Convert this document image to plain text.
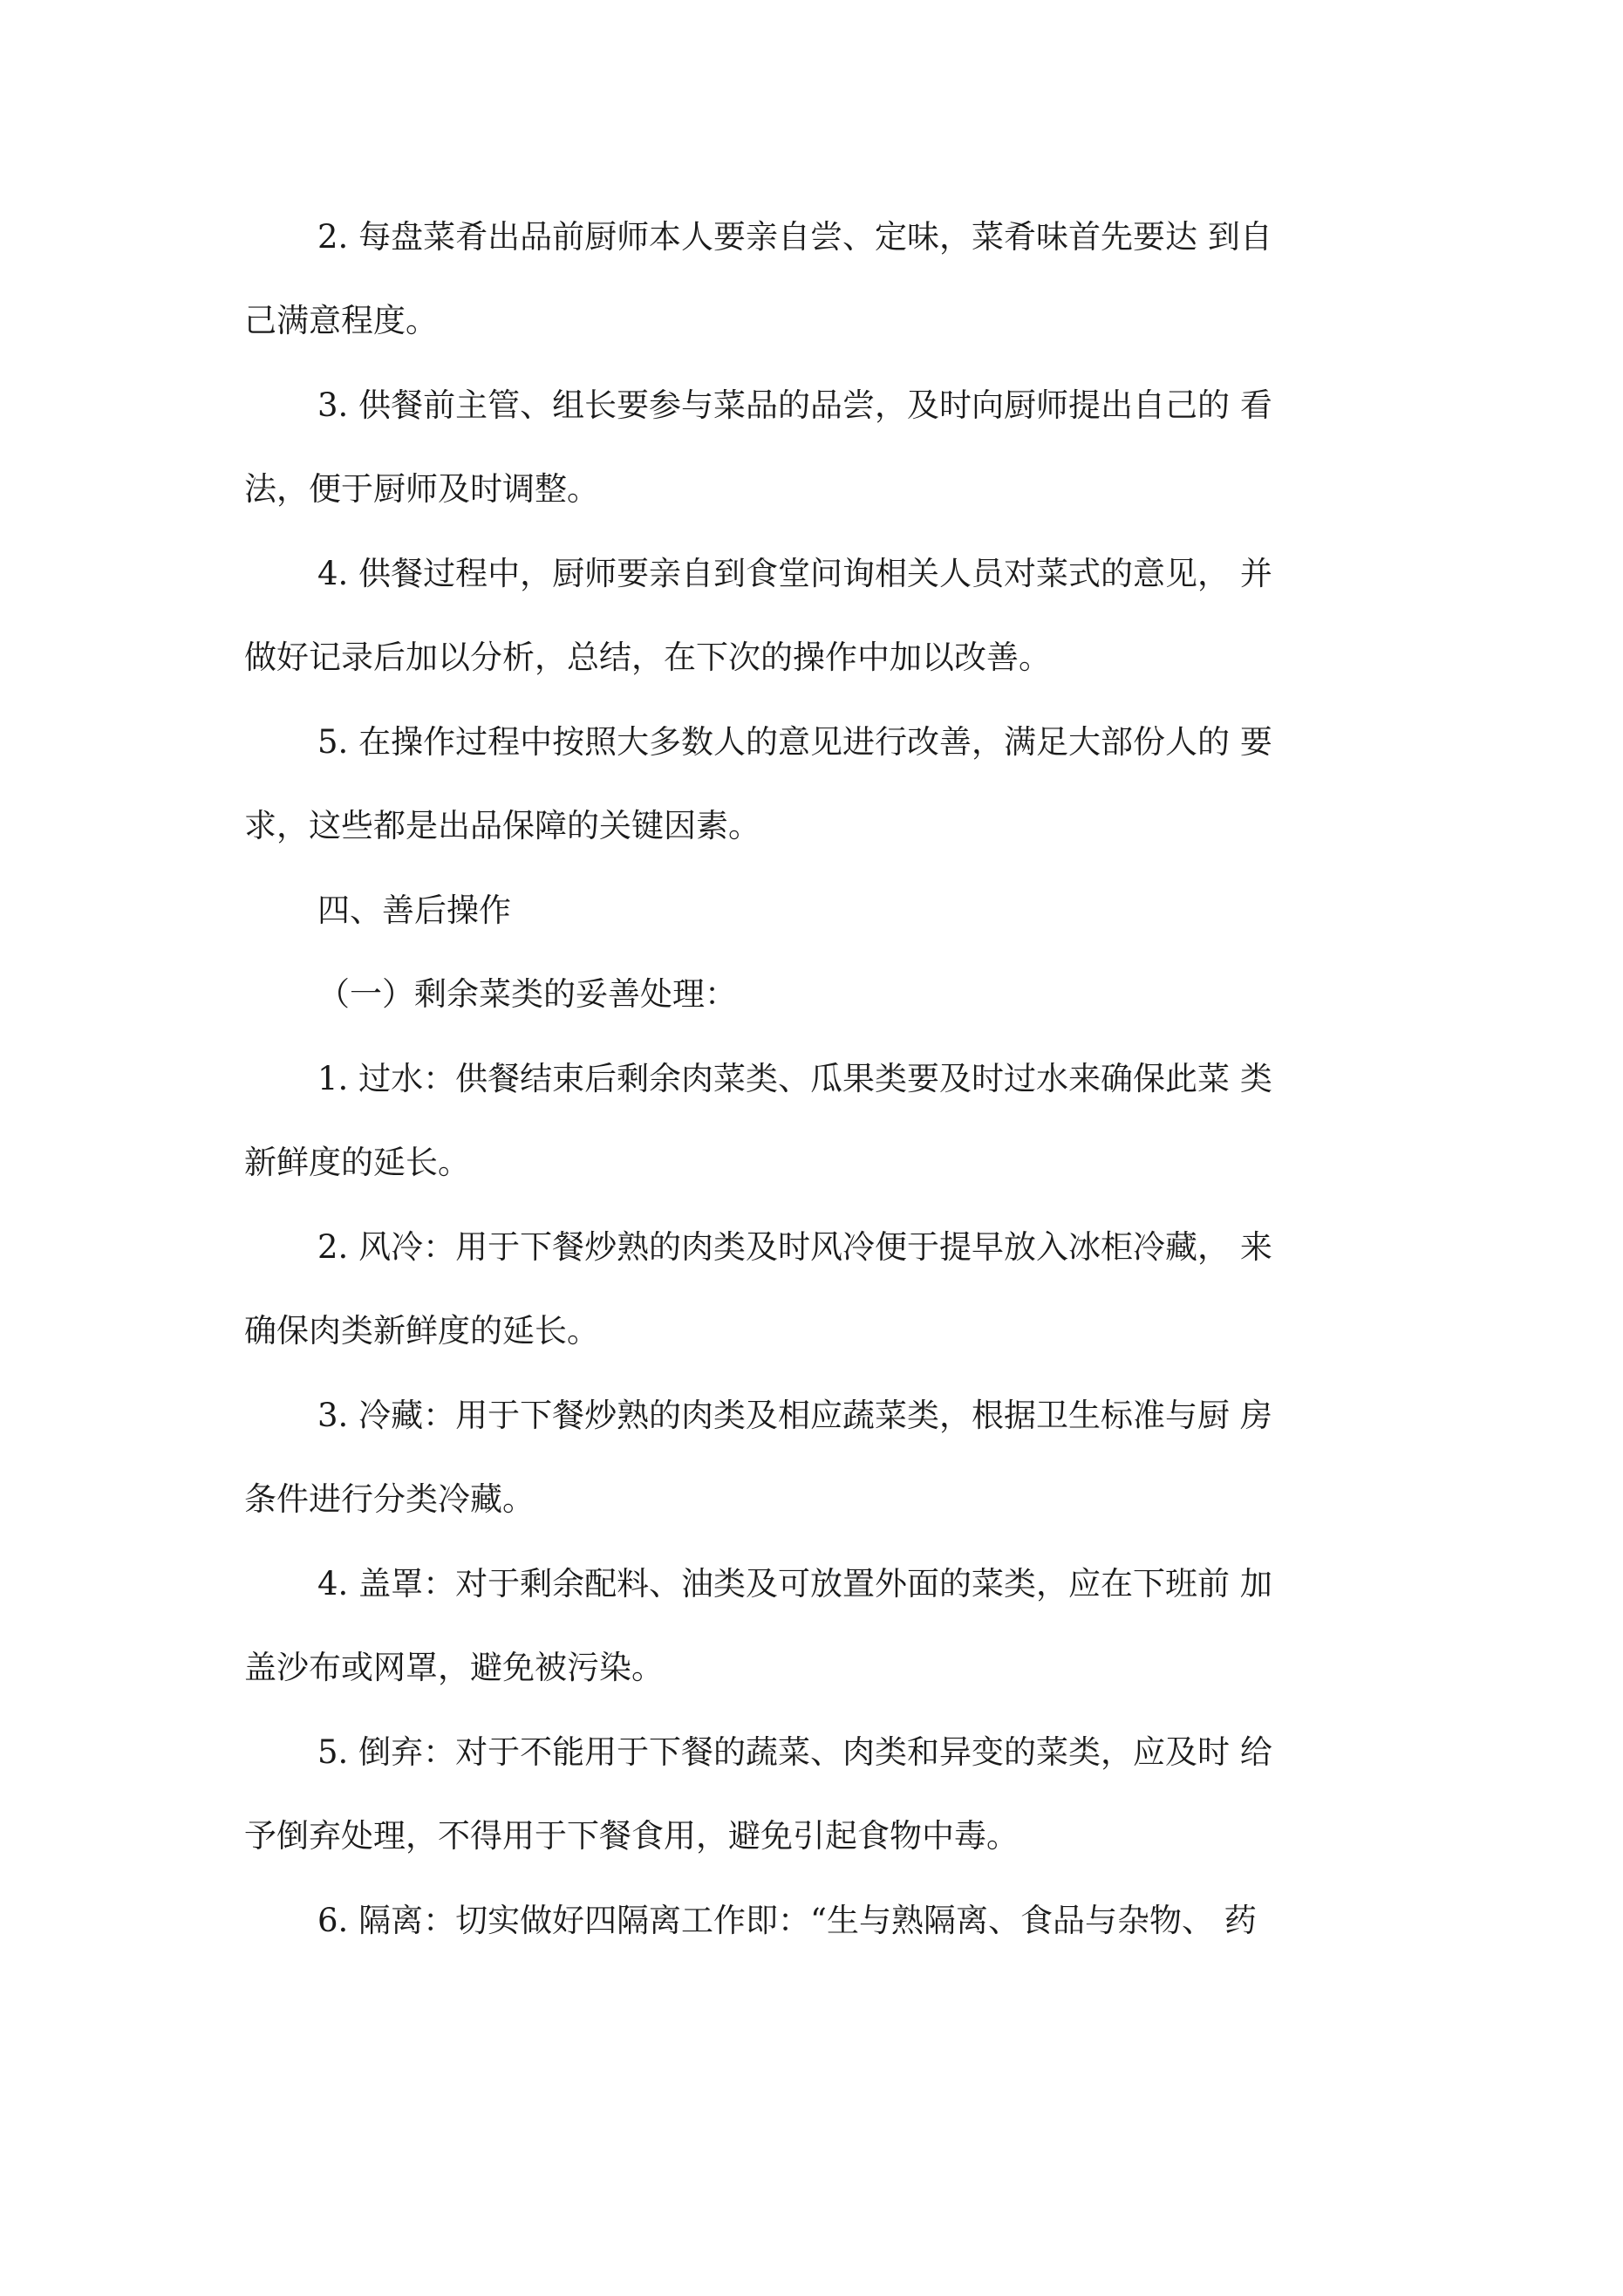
2. 每盘菜肴出品前厨师本人要亲自尝、定味，菜肴味首先要达 到自

己满意程度。

3. 供餐前主管、组长要参与菜品的品尝，及时向厨师提出自己的 看

法，便于厨师及时调整。

4. 供餐过程中，厨师要亲自到食堂问询相关人员对菜式的意见， 并

做好记录后加以分析，总结，在下次的操作中加以改善。

5. 在操作过程中按照大多数人的意见进行改善，满足大部份人的 要

求，这些都是出品保障的关键因素。

四、善后操作

（一）剩余菜类的妥善处理：

1. 过水：供餐结束后剩余肉菜类、瓜果类要及时过水来确保此菜 类

新鲜度的延长。

2. 风冷：用于下餐炒熟的肉类及时风冷便于提早放入冰柜冷藏， 来

确保肉类新鲜度的延长。

3. 冷藏：用于下餐炒熟的肉类及相应蔬菜类，根据卫生标准与厨 房

条件进行分类冷藏。

4. 盖罩：对于剩余配料、油类及可放置外面的菜类，应在下班前 加

盖沙布或网罩，避免被污染。

5. 倒弃：对于不能用于下餐的蔬菜、肉类和异变的菜类，应及时 给

予倒弃处理，不得用于下餐食用，避免引起食物中毒。

6. 隔离：切实做好四隔离工作即：“生与熟隔离、食品与杂物、 药
